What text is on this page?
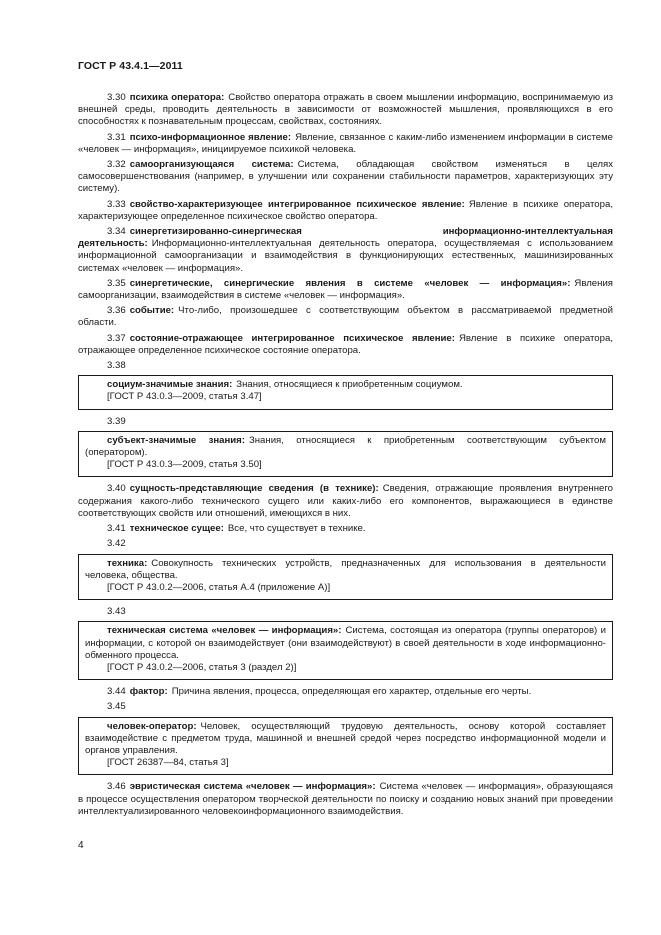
ГОСТ Р 43.4.1—2011

3.30 психика оператора: Свойство оператора отражать в своем мышлении информацию, воспринимаемую из внешней среды, проводить деятельность в зависимости от возможностей мышления, проявляющихся в его способностях к познавательным процессам, свойствах, состояниях.

3.31 психо-информационное явление: Явление, связанное с каким-либо изменением информации в системе «человек — информация», инициируемое психикой человека.

3.32 самоорганизующаяся система: Система, обладающая свойством изменяться в целях самосовершенствования (например, в улучшении или сохранении стабильности параметров, характеризующих эту систему).

3.33 свойство-характеризующее интегрированное психическое явление: Явление в психике оператора, характеризующее определенное психическое свойство оператора.

3.34 синергетизированно-синергическая информационно-интеллектуальная деятельность: Информационно-интеллектуальная деятельность оператора, осуществляемая с использованием информационной самоорганизации и взаимодействия в функционирующих естественных, машинизированных системах «человек — информация».

3.35 синергетические, синергические явления в системе «человек — информация»: Явления самоорганизации, взаимодействия в системе «человек — информация».

3.36 событие: Что-либо, произошедшее с соответствующим объектом в рассматриваемой предметной области.

3.37 состояние-отражающее интегрированное психическое явление: Явление в психике оператора, отражающее определенное психическое состояние оператора.

3.38

социум-значимые знания: Знания, относящиеся к приобретенным социумом.

[ГОСТ Р 43.0.3—2009, статья 3.47]
3.39

субъект-значимые знания: Знания, относящиеся к приобретенным соответствующим субъектом (оператором).

[ГОСТ Р 43.0.3—2009, статья 3.50]

3.40 сущность-представляющие сведения (в технике): Сведения, отражающие проявления внутреннего содержания какого-либо технического сущего или каких-либо его компонентов, выражающиеся в единстве соответствующих свойств или отношений, имеющихся в них.

3.41 техническое сущее: Все, что существует в технике.

3.42

техника: Совокупность технических устройств, предназначенных для использования в деятельности человека, общества.

[ГОСТ Р 43.0.2—2006, статья А.4 (приложение А)]
3.43

техническая система «человек — информация»: Система, состоящая из оператора (группы операторов) и информации, с которой он взаимодействует (они взаимодействуют) в своей деятельности в ходе информационно-обменного процесса.

[ГОСТ Р 43.0.2—2006, статья 3 (раздел 2)]

3.44 фактор: Причина явления, процесса, определяющая его характер, отдельные его черты.

3.45

человек-оператор: Человек, осуществляющий трудовую деятельность, основу которой составляет взаимодействие с предметом труда, машинной и внешней средой через посредство информационной модели и органов управления.

[ГОСТ 26387—84, статья 3]

3.46 эвристическая система «человек — информация»: Система «человек — информация», образующаяся в процессе осуществления оператором творческой деятельности по поиску и созданию новых знаний при проведении интеллектуализированного человекоинформационного взаимодействия.

4
